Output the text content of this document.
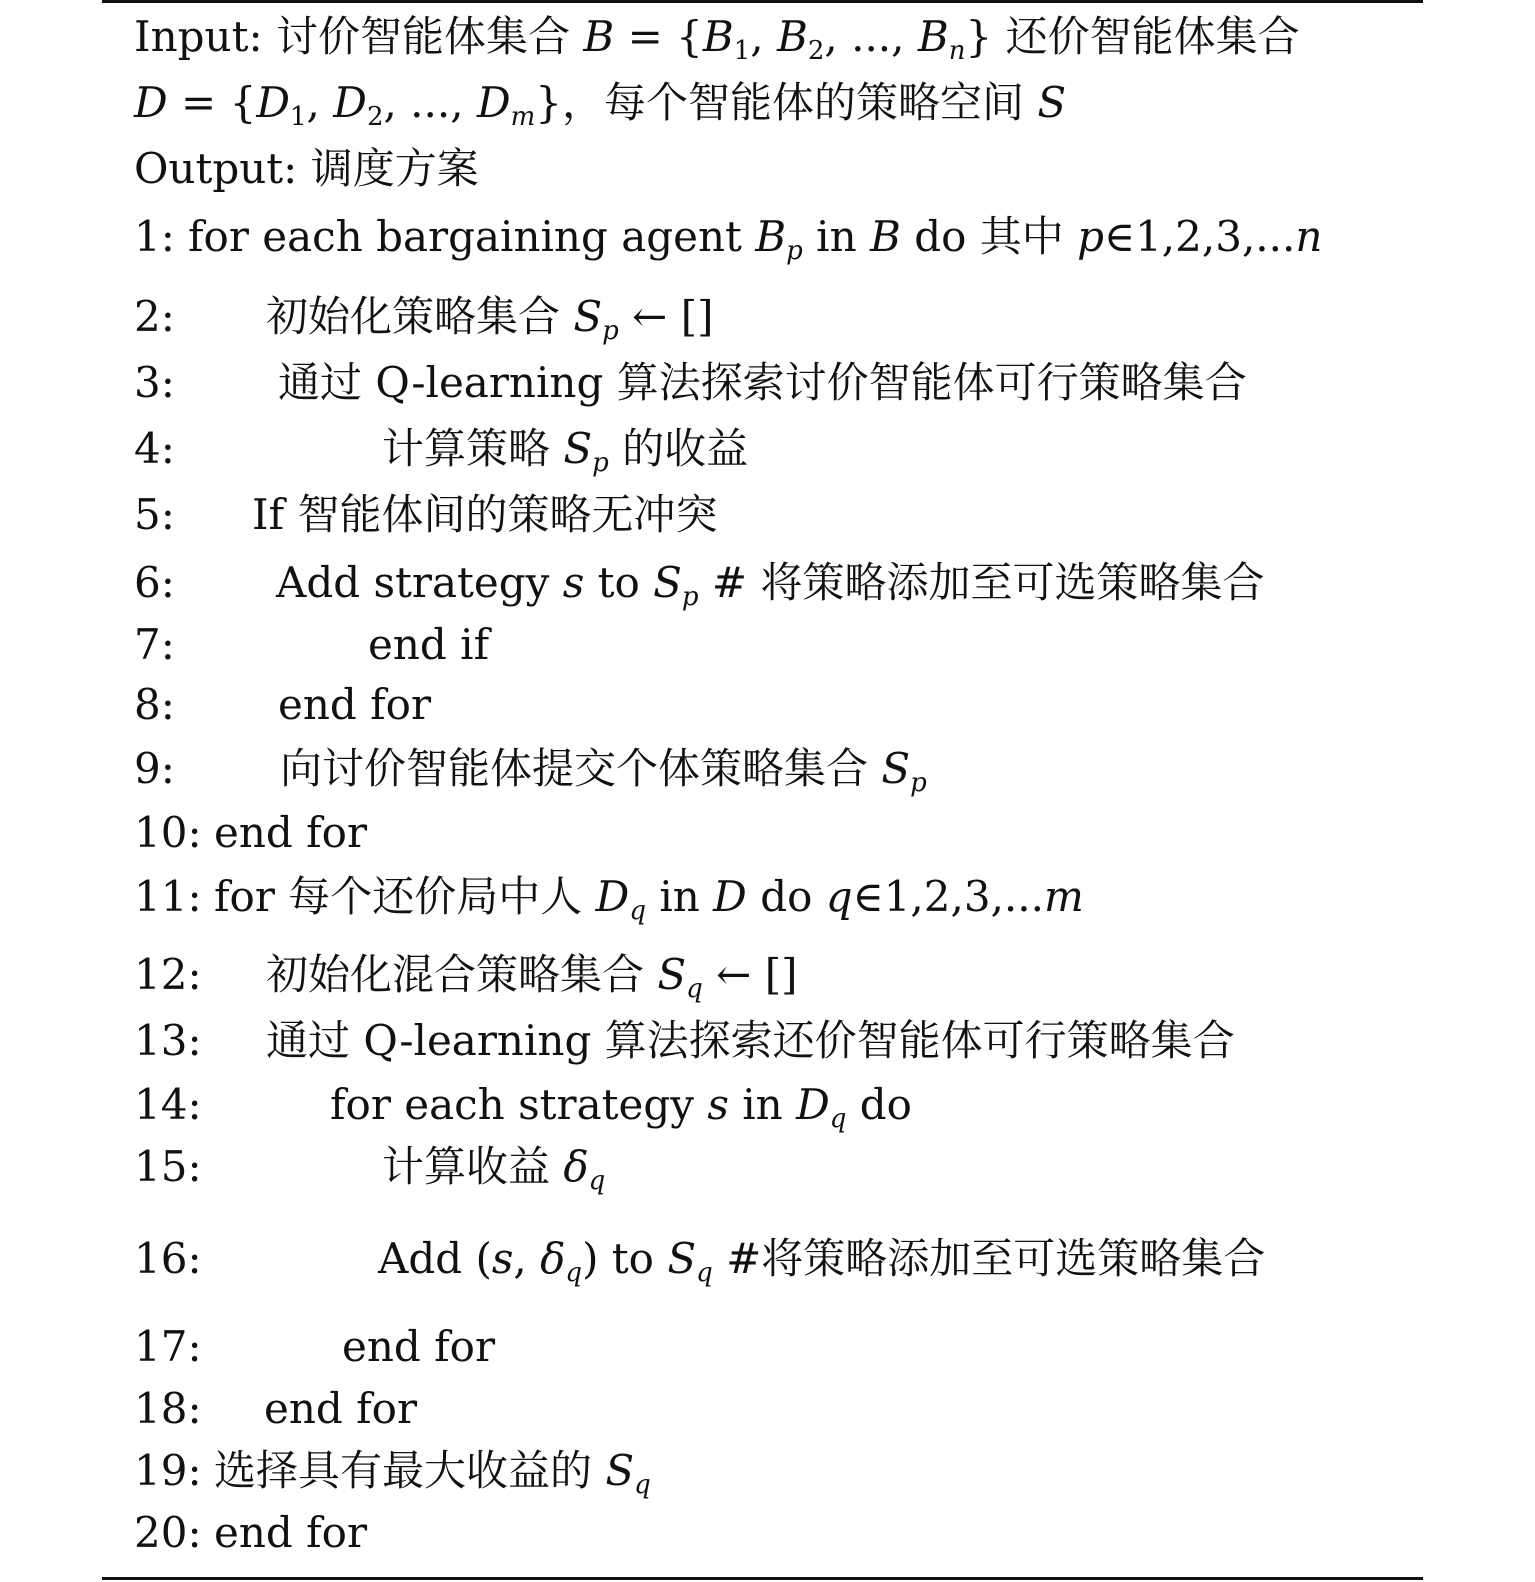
Input: 讨价智能体集合 $B = \{B_1$, $B_2$, ..., $B_n$} 还价智能体集合
$D = \{D_1$, $D_2$, ..., $D_m$}，每个智能体的策略空间 S
Output: 调度方案
1: for each bargaining agent $B_p$ in B do 其中 p∈1,2,3,...n
2: 初始化策略集合 $S_p$ ← []
3: 通过 Q-learning 算法探索讨价智能体可行策略集合
4:	计算策略 $S_p$ 的收益
5: If 智能体间的策略无冲突
6: Add strategy s to $S_p$ # 将策略添加至可选策略集合
7:	end if
8: end for
9:	向讨价智能体提交个体策略集合 $S_p$
10: end for
11: for 每个还价局中人 $D_q$ in D do q∈1,2,3,...m
12: 初始化混合策略集合 $S_q$ ← []
13: 通过 Q-learning 算法探索还价智能体可行策略集合
14:	for each strategy s in $D_q$ do
15:	计算收益 $\delta_q$
16:	Add (s, $\delta_q$) to $S_q$ #将策略添加至可选策略集合
17:	end for
18: end for
19: 选择具有最大收益的 $S_q$
20: end for
